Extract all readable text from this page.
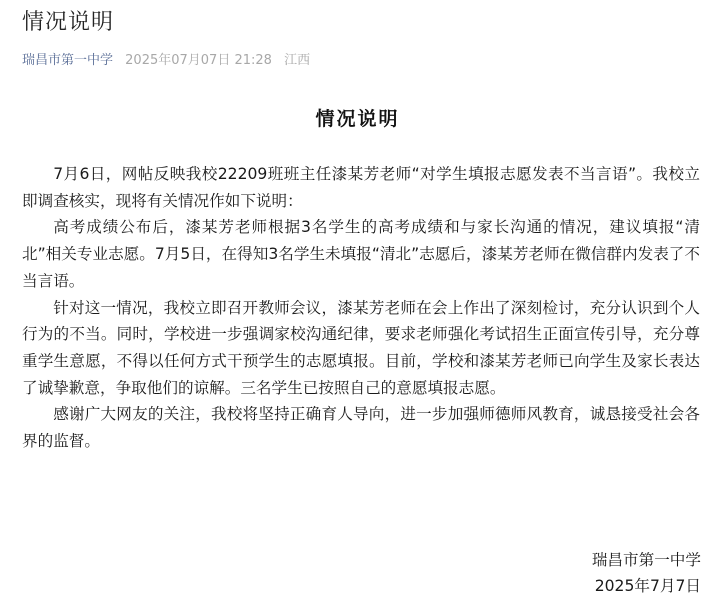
情况说明
瑞昌市第一中学 2025年07月07日 21:28 江西
情况说明

7月6日，网帖反映我校22209班班主任漆某芳老师“对学生填报志愿发表不当言语”。我校立即调查核实，现将有关情况作如下说明：

高考成绩公布后，漆某芳老师根据3名学生的高考成绩和与家长沟通的情况，建议填报“清北”相关专业志愿。7月5日，在得知3名学生未填报“清北”志愿后，漆某芳老师在微信群内发表了不当言语。

针对这一情况，我校立即召开教师会议，漆某芳老师在会上作出了深刻检讨，充分认识到个人行为的不当。同时，学校进一步强调家校沟通纪律，要求老师强化考试招生正面宣传引导，充分尊重学生意愿，不得以任何方式干预学生的志愿填报。目前，学校和漆某芳老师已向学生及家长表达了诚挚歉意，争取他们的谅解。三名学生已按照自己的意愿填报志愿。

感谢广大网友的关注，我校将坚持正确育人导向，进一步加强师德师风教育，诚恳接受社会各界的监督。

瑞昌市第一中学
2025年7月7日
